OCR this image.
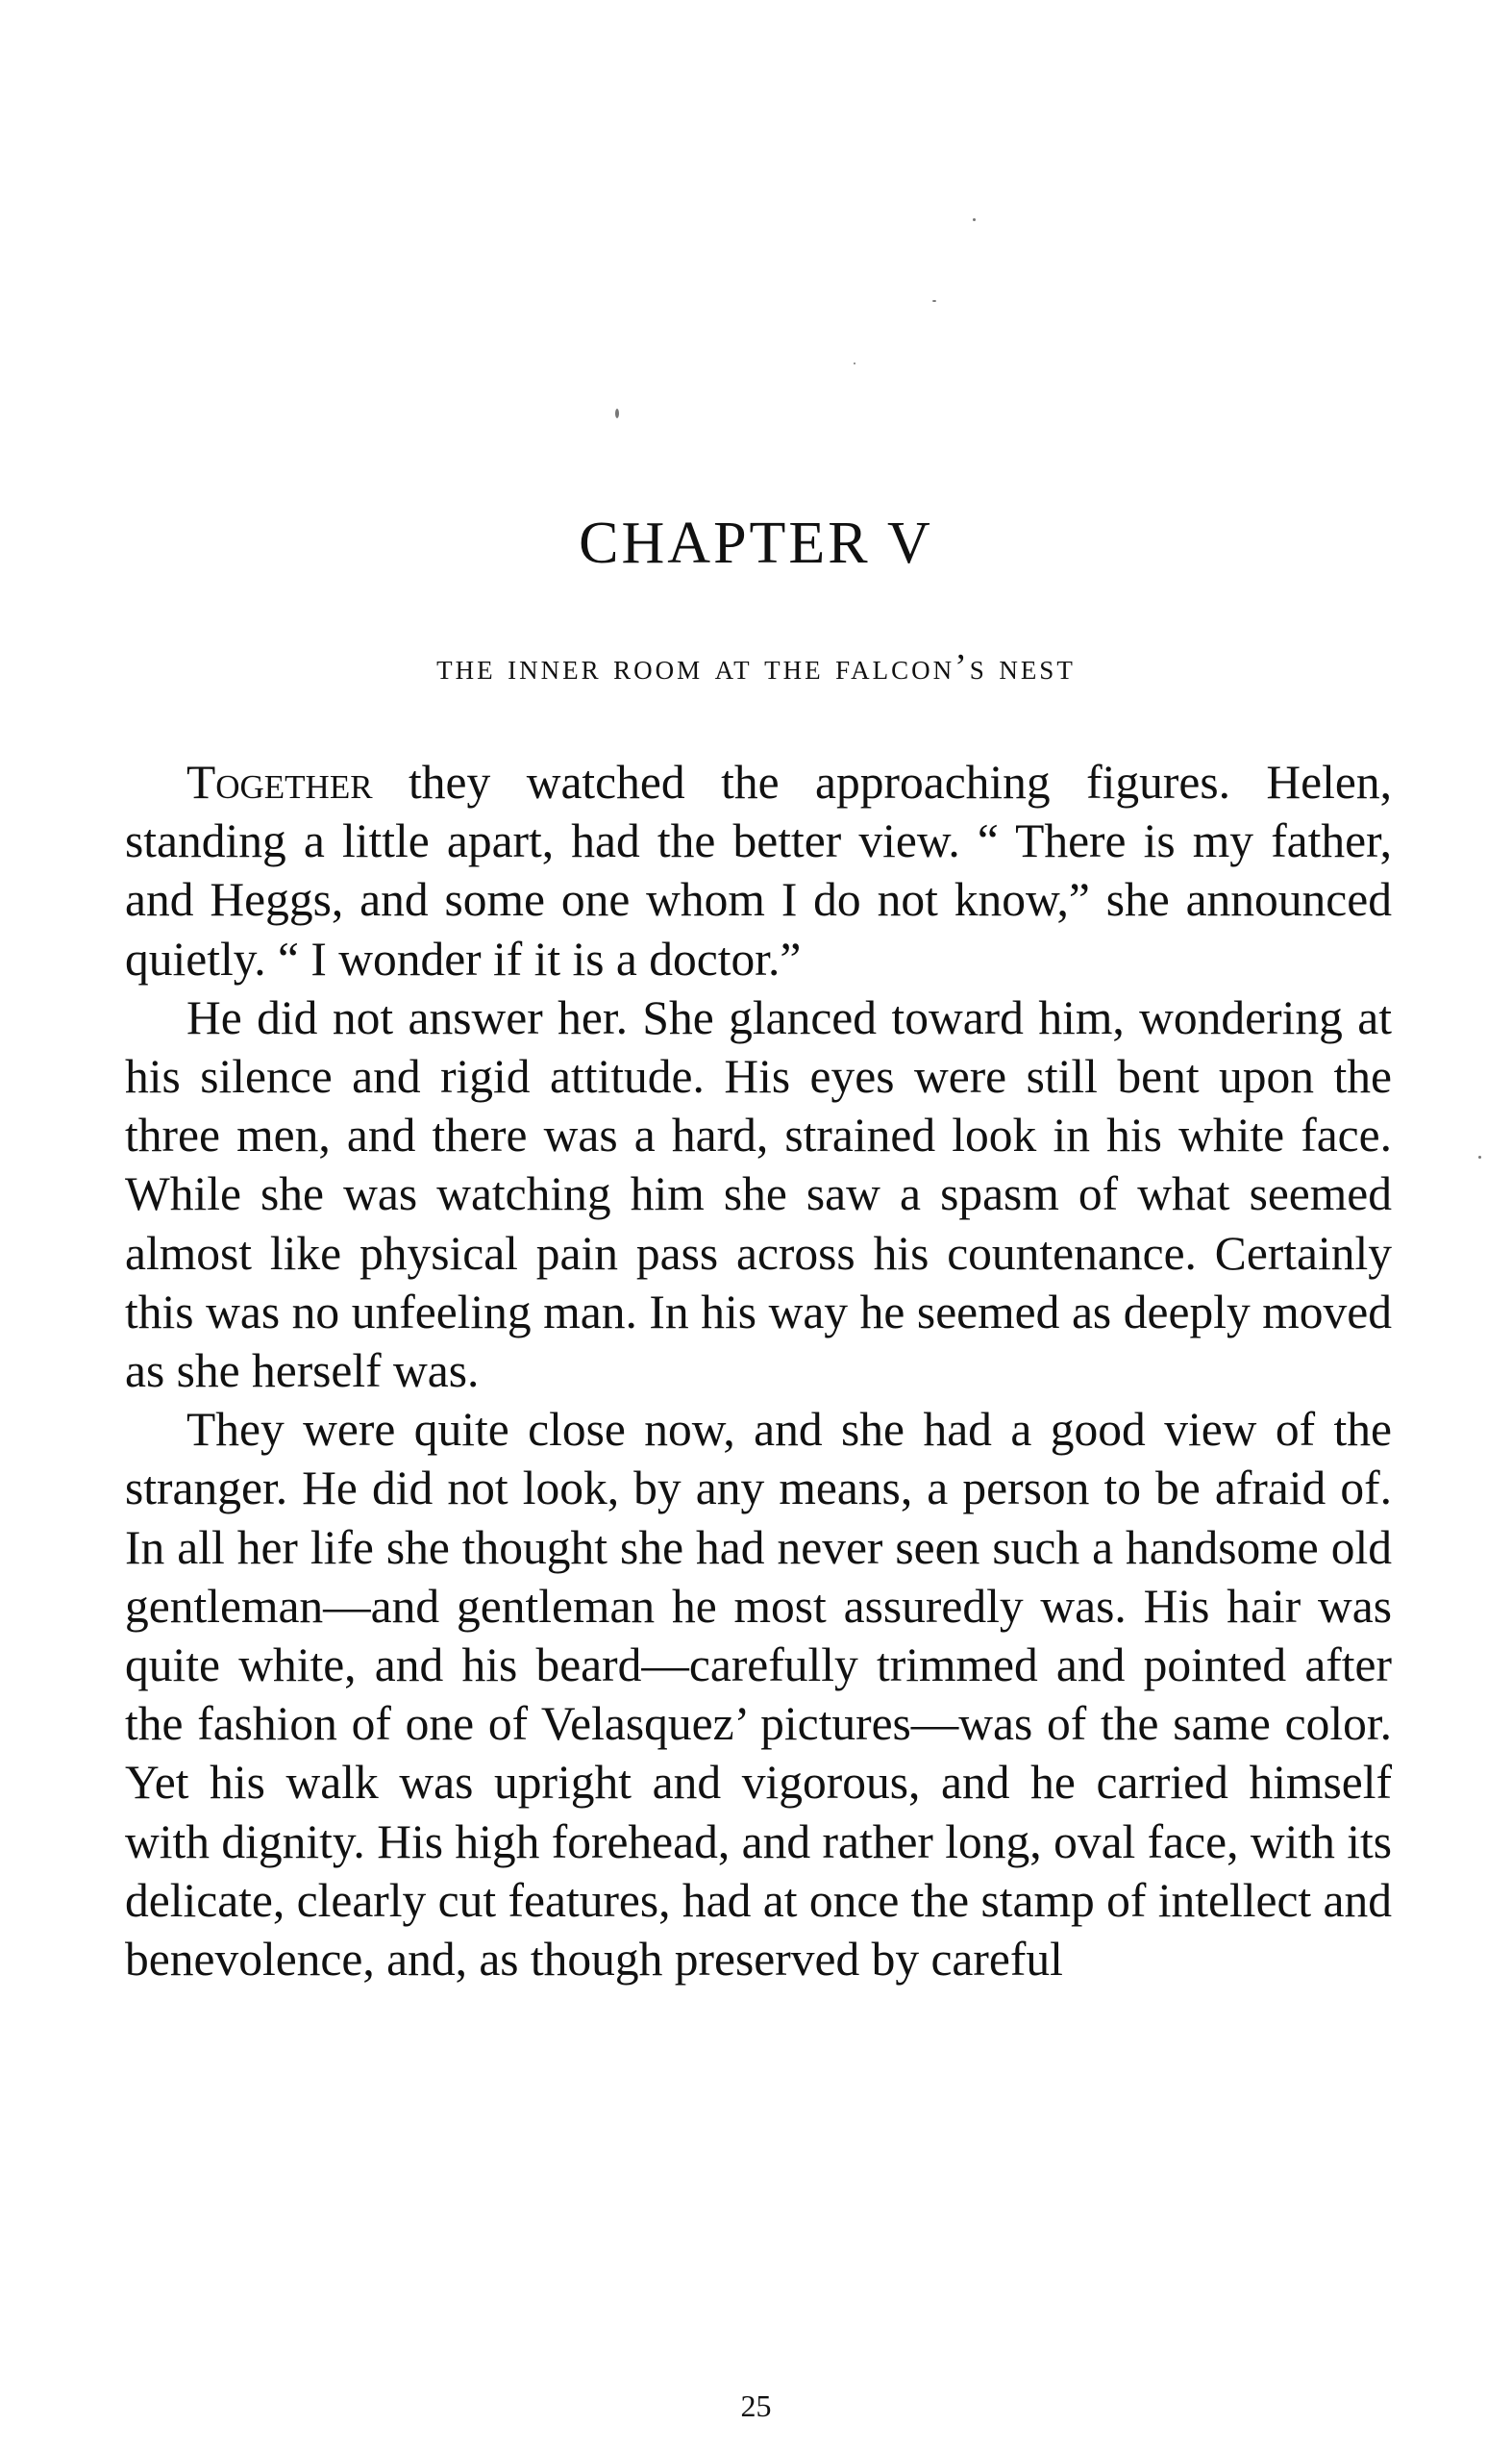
CHAPTER V
the inner room at the falcon’s nest

Together they watched the approaching figures. Helen, standing a little apart, had the better view. “ There is my father, and Heggs, and some one whom I do not know,” she announced quietly. “ I wonder if it is a doctor.”

He did not answer her. She glanced toward him, wondering at his silence and rigid attitude. His eyes were still bent upon the three men, and there was a hard, strained look in his white face. While she was watching him she saw a spasm of what seemed almost like physical pain pass across his countenance. Certainly this was no unfeeling man. In his way he seemed as deeply moved as she herself was.

They were quite close now, and she had a good view of the stranger. He did not look, by any means, a person to be afraid of. In all her life she thought she had never seen such a handsome old gentleman—and gentleman he most assuredly was. His hair was quite white, and his beard—carefully trimmed and pointed after the fashion of one of Velasquez’ pictures—was of the same color. Yet his walk was upright and vigorous, and he carried himself with dignity. His high forehead, and rather long, oval face, with its delicate, clearly cut features, had at once the stamp of intellect and benevolence, and, as though preserved by careful

25
